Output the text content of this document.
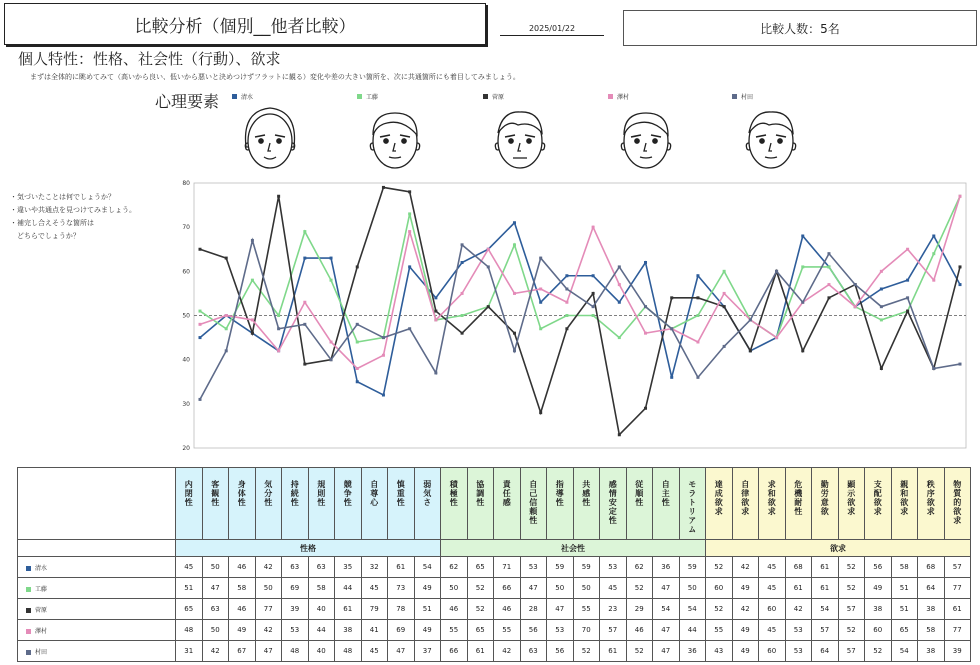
比較分析（個別__他者比較）	2025/01/22	比較人数：5名
個人特性：性格、社会性（行動）、欲求
まずは全体的に眺めてみて（高いから良い、低いから悪いと決めつけずフラットに観る）変化や差の大きい箇所を、次に共通箇所にも着目してみましょう。
心理要素	清水	工藤	菅原	澤村	村田
・気づいたことは何でしょうか？
・違いや共通点を見つけてみましょう。
・補完し合えそうな箇所は
　どちらでしょうか？
20
30
40
50
60
70
80
	内閉性	客観性	身体性	気分性	持続性	規則性	競争性	自尊心	慎重性	弱気さ	積極性	協調性	責任感	自己信頼性	指導性	共感性	感情安定性	従順性	自主性	モラトリアム	達成欲求	自律欲求	求和欲求	危機耐性	勤労意欲	顕示欲求	支配欲求	親和欲求	秩序欲求	物質的欲求
	性格										社会性										欲求									
清水	45	50	46	42	63	63	35	32	61	54	62	65	71	53	59	59	53	62	36	59	52	42	45	68	61	52	56	58	68	57
工藤	51	47	58	50	69	58	44	45	73	49	50	52	66	47	50	50	45	52	47	50	60	49	45	61	61	52	49	51	64	77
菅原	65	63	46	77	39	40	61	79	78	51	46	52	46	28	47	55	23	29	54	54	52	42	60	42	54	57	38	51	38	61
澤村	48	50	49	42	53	44	38	41	69	49	55	65	55	56	53	70	57	46	47	44	55	49	45	53	57	52	60	65	58	77
村田	31	42	67	47	48	40	48	45	47	37	66	61	42	63	56	52	61	52	47	36	43	49	60	53	64	57	52	54	38	39
